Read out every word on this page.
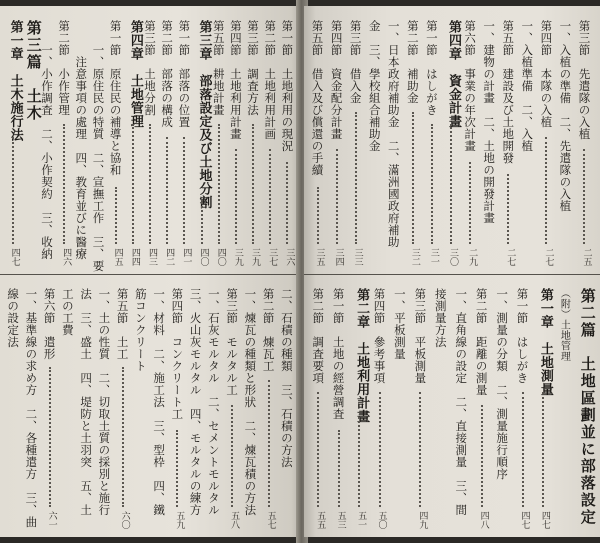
第一節　土地利用の現況
三六
第二節　土地利用計画
三七
第三節　調査方法
三九
第四節　土地利用計畫
三九
第五節　耕地計畫
四〇
第三章　部落設定及び土地分割
四〇
第一節　部落の位置
四一
第二節　部落の構成
四二
第三節　土地分割
四三
第四章　土地管理
四四
第一節　原住民の補導と協和
四五
　　一、原住民の特質　二、宣撫工作　三、要
　　　注意事項の處理　四、教育並びに醫療
第二節　小作管理
四六
　　一、小作調査　二、小作契約　三、收納
第三篇　土木
第一章　土木施行法
四七
二、石積の種類　三、石積の方法
第二節　煉瓦工
五七
一、煉瓦の種類と形狀　二、煉瓦積の方法
第三節　モルタル工
五八
一、石灰モルタル　二、セメントモルタル
三、火山灰モルタル　四、モルタルの練方
第四節　コンクリート工
五九
一、材料　二、施工法　三、型枠　四、鐵
筋コンクリート
第五節　土工
六〇
一、土の性質　二、切取土質の採別と施行
法　三、盛土　四、堤防と土羽突　五、土
工の工費
第六節　遣形
六一
一、基準線の求め方　二、各種遣方　三、曲
線の設定法
第三節　先遣隊の入植
二五
一、入植の準備　二、先遣隊の入植
第四節　本隊の入植
二七
一、入植準備　二、入植
第五節　建設及び土地開發
二七
一、建物の計畫　二、土地の開發計畫
第六節　事業の年次計畫
二九
第四章　資金計畫
三〇
第一節　はしがき
三一
第二節　補助金
三二
一、日本政府補助金　二、滿洲國政府補助
金　三、學校組合補助金
第三節　借入金
三三
第四節　資金配分計畫
三四
第五節　借入及び償還の手續
三五
第二篇　土地區劃並に部落設定
（附）土地管理
第一章　土地測量
四七
第一節　はしがき
四七
一、測量の分類　二、測量施行順序
第二節　距離の測量
四八
一、直角線の設定　二、直接測量　三、間
接測量方法
第三節　平板測量
四九
一、平板測量
第四節　參考事項
五〇
第二章　土地利用計畫
五一
第一節　土地の經營調査
五三
第二節　調査要項
五五
